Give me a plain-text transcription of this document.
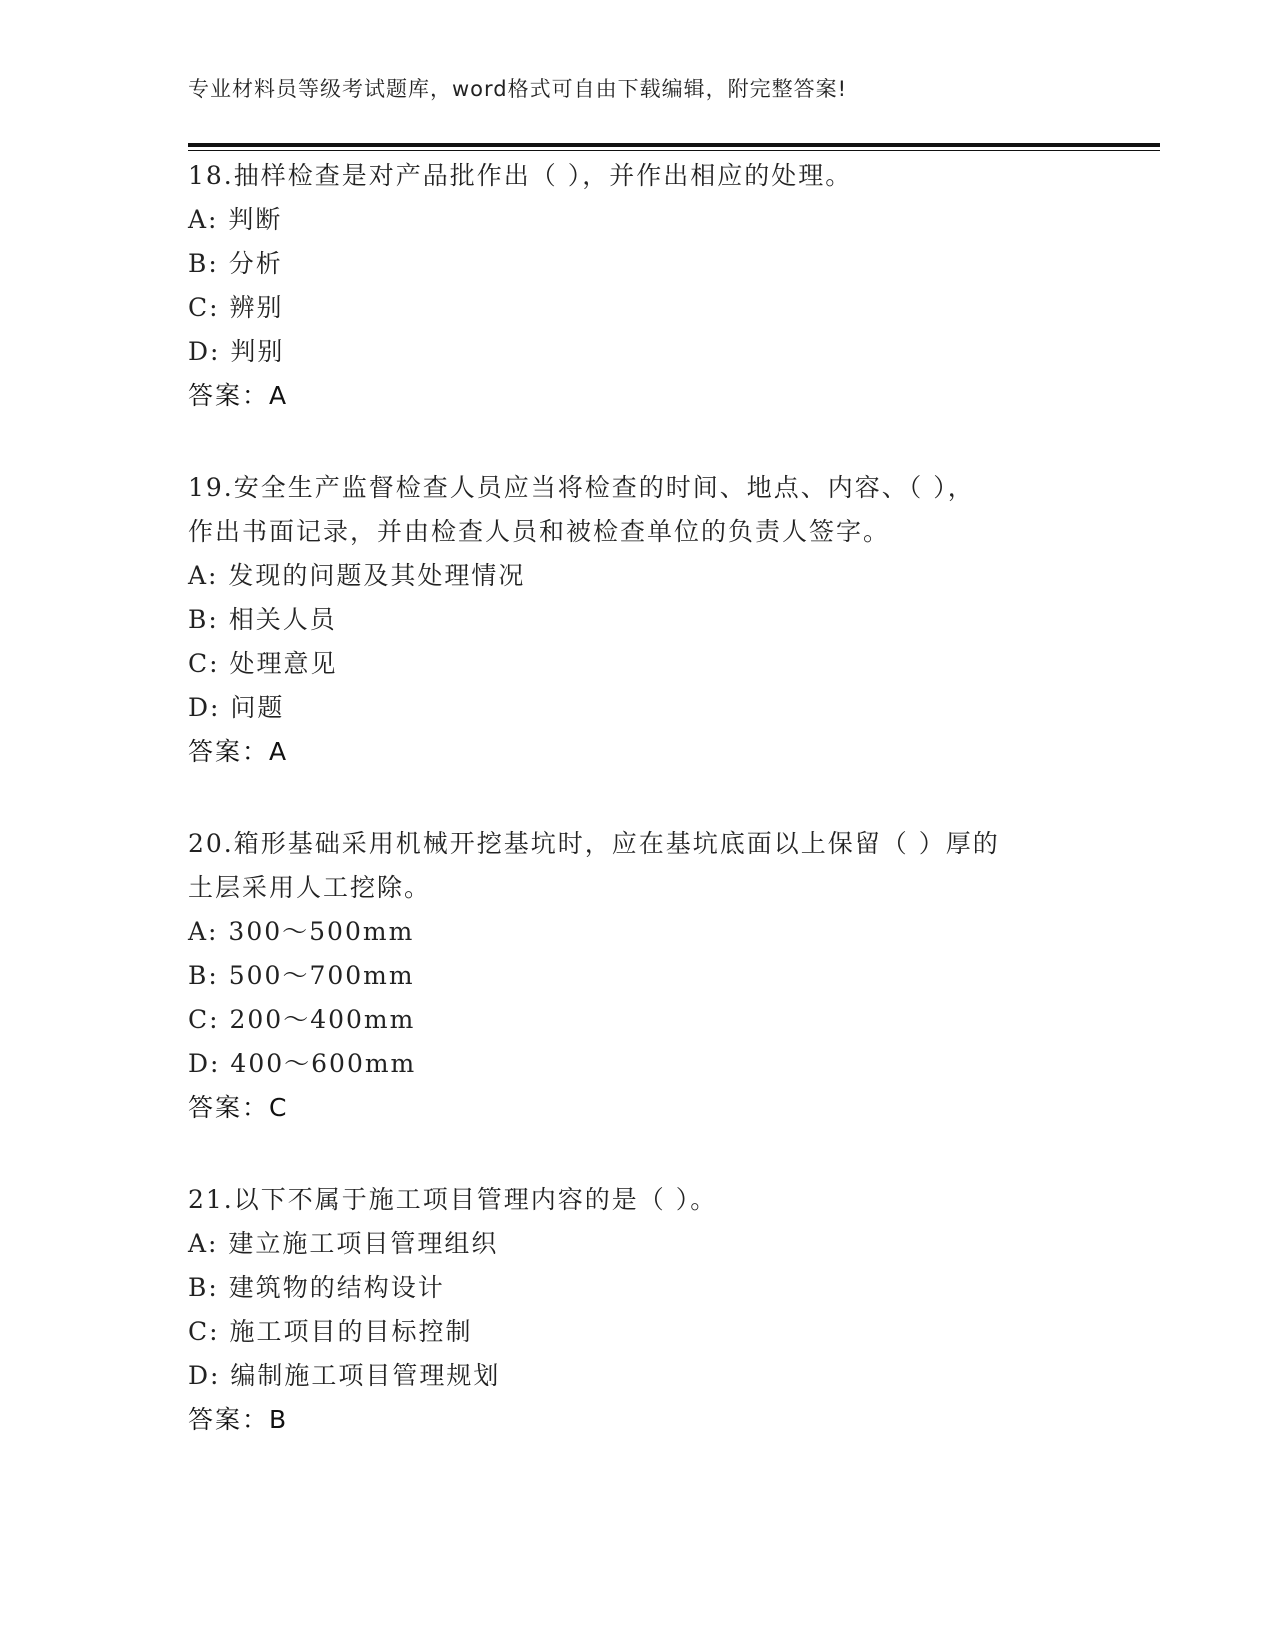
专业材料员等级考试题库，word格式可自由下载编辑，附完整答案!
18.抽样检查是对产品批作出（ ），并作出相应的处理。
A: 判断
B: 分析
C: 辨别
D: 判别
答案：A
19.安全生产监督检查人员应当将检查的时间、地点、内容、（ ），
作出书面记录，并由检查人员和被检查单位的负责人签字。
A: 发现的问题及其处理情况
B: 相关人员
C: 处理意见
D: 问题
答案：A
20.箱形基础采用机械开挖基坑时，应在基坑底面以上保留（ ）厚的
土层采用人工挖除。
A: 300～500mm
B: 500～700mm
C: 200～400mm
D: 400～600mm
答案：C
21.以下不属于施工项目管理内容的是（ ）。
A: 建立施工项目管理组织
B: 建筑物的结构设计
C: 施工项目的目标控制
D: 编制施工项目管理规划
答案：B
